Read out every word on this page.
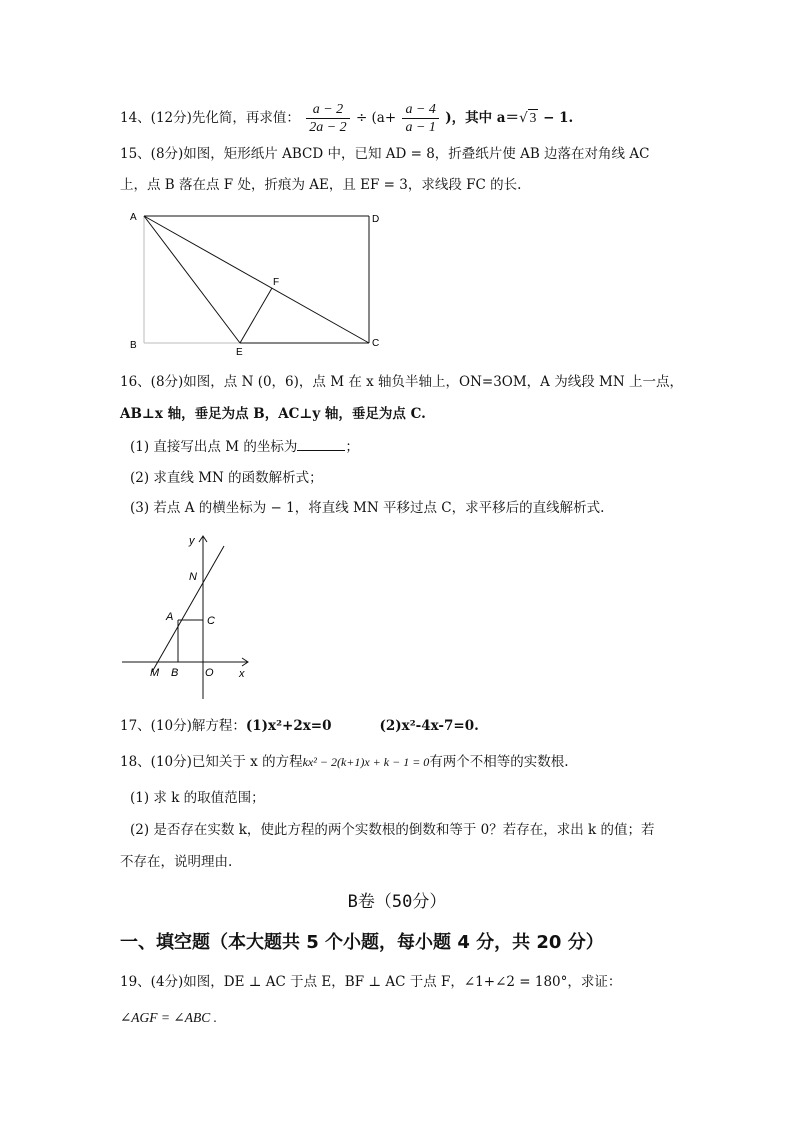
14、(12分)先化简，再求值： $\frac{a - 2}{2a - 2} \div (a+ \frac{a - 4}{a - 1}$ )，其中 a＝√ 3 − 1.
15、(8分)如图，矩形纸片 ABCD 中，已知 AD = 8，折叠纸片使 AB 边落在对角线 AC
上，点 B 落在点 F 处，折痕为 AE，且 EF = 3，求线段 FC 的长.
A	D
B	C
E
F
16、(8分)如图，点 N (0，6)，点 M 在 x 轴负半轴上，ON=3OM，A 为线段 MN 上一点，
AB⊥x 轴，垂足为点 B，AC⊥y 轴，垂足为点 C.
(1) 直接写出点 M 的坐标为	；
(2) 求直线 MN 的函数解析式；
(3) 若点 A 的横坐标为 − 1，将直线 MN 平移过点 C，求平移后的直线解析式.
y
x
N
A	C
M B O
17、(10分)解方程：(1)x²+2x=0	(2)x²-4x-7=0.
18、(10分)已知关于 x 的方程kx² − 2(k+1)x + k − 1 = 0有两个不相等的实数根.
(1) 求 k 的取值范围；
(2) 是否存在实数 k，使此方程的两个实数根的倒数和等于 0？若存在，求出 k 的值；若
不存在，说明理由.
B卷（50分）
一、填空题（本大题共 5 个小题，每小题 4 分，共 20 分）
19、(4分)如图，DE ⊥ AC 于点 E，BF ⊥ AC 于点 F，∠1+∠2 = 180°，求证：
∠AGF = ∠ABC .
